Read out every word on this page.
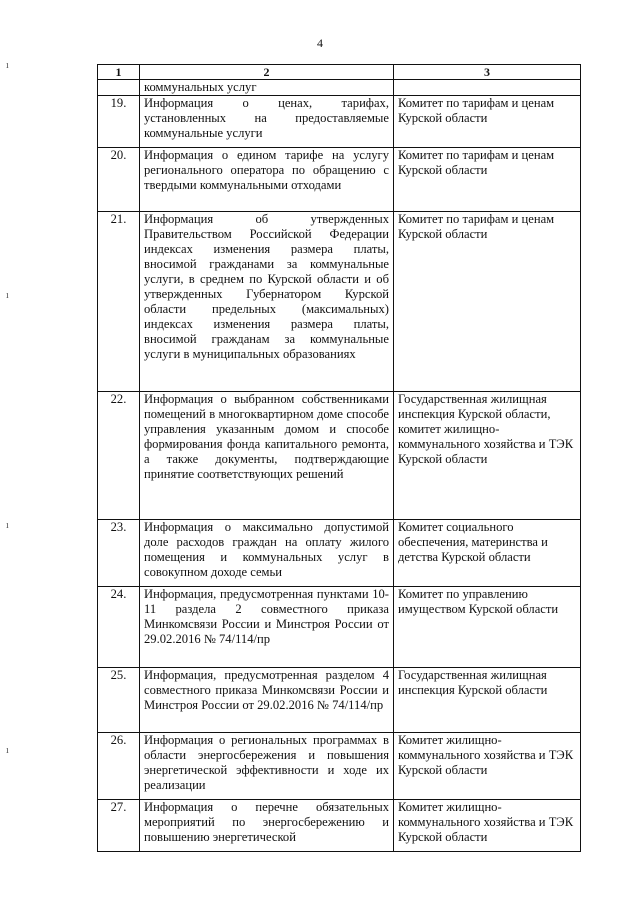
4
1	2	3
	коммунальных услуг	
19.	Информация о ценах, тарифах, установленных на предоставляемые коммунальные услуги	Комитет по тарифам и ценам Курской области
20.	Информация о едином тарифе на услугу регионального оператора по обращению с твердыми коммунальными отходами	Комитет по тарифам и ценам Курской области
21.	Информация об утвержденных Правительством Российской Федерации индексах изменения размера платы, вносимой гражданами за коммунальные услуги, в среднем по Курской области и об утвержденных Губернатором Курской области предельных (максимальных) индексах изменения размера платы, вносимой гражданам за коммунальные услуги в муниципальных образованиях	Комитет по тарифам и ценам Курской области
22.	Информация о выбранном собственниками помещений в многоквартирном доме способе управления указанным домом и способе формирования фонда капитального ремонта, а также документы, подтверждающие принятие соответствующих решений	Государственная жилищная инспекция Курской области, комитет жилищно-коммунального хозяйства и ТЭК Курской области
23.	Информация о максимально допустимой доле расходов граждан на оплату жилого помещения и коммунальных услуг в совокупном доходе семьи	Комитет социального обеспечения, материнства и детства Курской области
24.	Информация, предусмотренная пунктами 10-11 раздела 2 совместного приказа Минкомсвязи России и Минстроя России от 29.02.2016 № 74/114/пр	Комитет по управлению имуществом Курской области
25.	Информация, предусмотренная разделом 4 совместного приказа Минкомсвязи России и Минстроя России от 29.02.2016 № 74/114/пр	Государственная жилищная инспекция Курской области
26.	Информация о региональных программах в области энергосбережения и повышения энергетической эффективности и ходе их реализации	Комитет жилищно-коммунального хозяйства и ТЭК Курской области
27.	Информация о перечне обязательных мероприятий по энергосбережению и повышению энергетической	Комитет жилищно-коммунального хозяйства и ТЭК Курской области
ı
ı
ı
ı
